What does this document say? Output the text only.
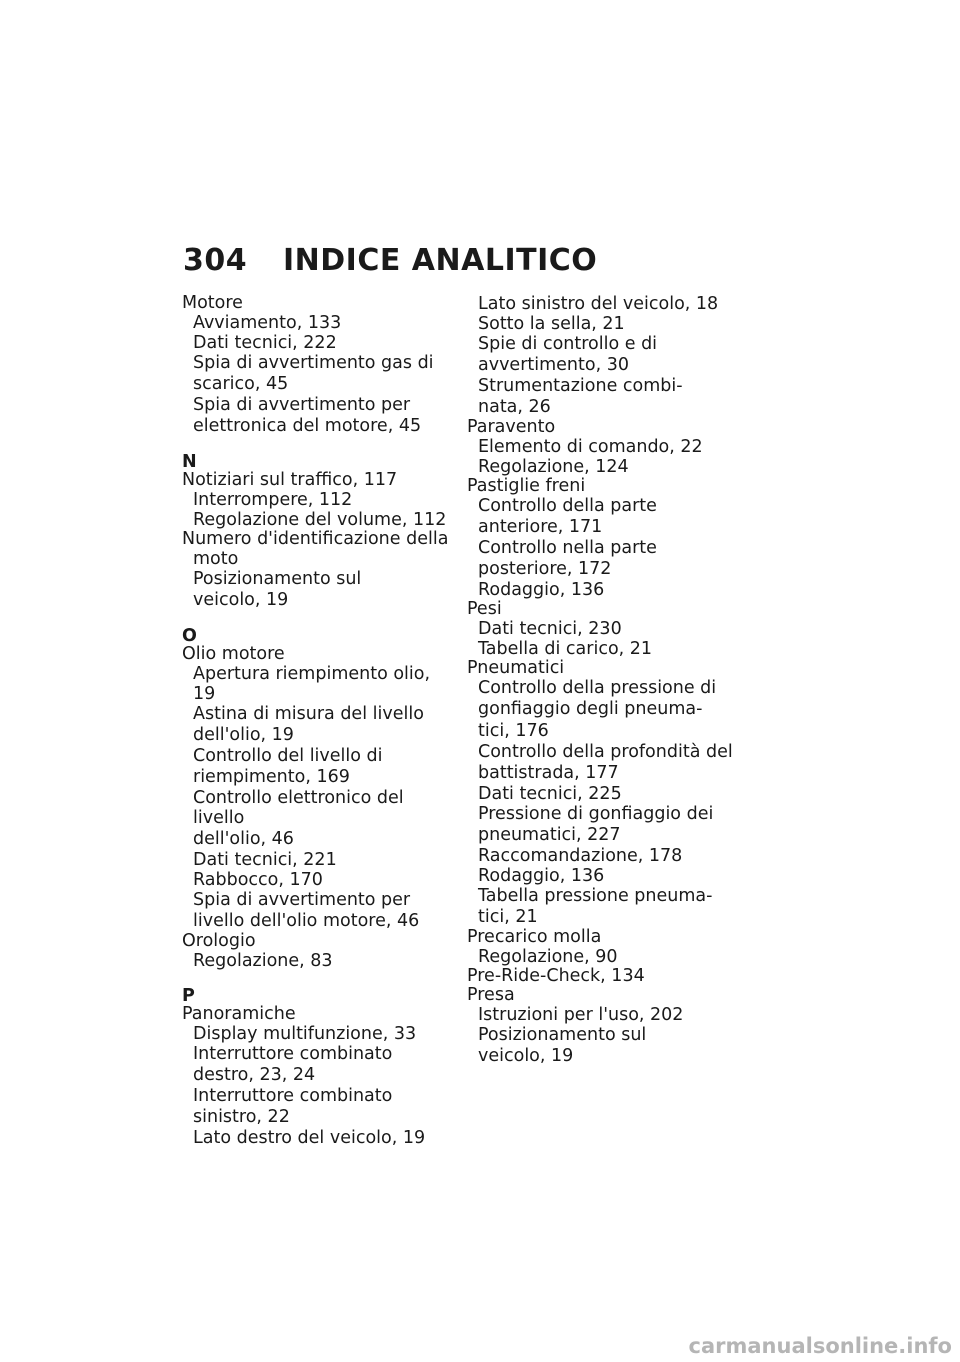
304 INDICE ANALITICO
Motore
Avviamento, 133
Dati tecnici, 222
Spia di avvertimento gas di
scarico, 45
Spia di avvertimento per
elettronica del motore, 45
N
Notiziari sul traffico, 117
Interrompere, 112
Regolazione del volume, 112
Numero d'identificazione della
moto
Posizionamento sul
veicolo, 19
O
Olio motore
Apertura riempimento olio, 19
Astina di misura del livello
dell'olio, 19
Controllo del livello di
riempimento, 169
Controllo elettronico del livello
dell'olio, 46
Dati tecnici, 221
Rabbocco, 170
Spia di avvertimento per
livello dell'olio motore, 46
Orologio
Regolazione, 83
P
Panoramiche
Display multifunzione, 33
Interruttore combinato
destro, 23, 24
Interruttore combinato
sinistro, 22
Lato destro del veicolo, 19
Lato sinistro del veicolo, 18
Sotto la sella, 21
Spie di controllo e di
avvertimento, 30
Strumentazione combi-
nata, 26
Paravento
Elemento di comando, 22
Regolazione, 124
Pastiglie freni
Controllo della parte
anteriore, 171
Controllo nella parte
posteriore, 172
Rodaggio, 136
Pesi
Dati tecnici, 230
Tabella di carico, 21
Pneumatici
Controllo della pressione di
gonfiaggio degli pneuma-
tici, 176
Controllo della profondità del
battistrada, 177
Dati tecnici, 225
Pressione di gonfiaggio dei
pneumatici, 227
Raccomandazione, 178
Rodaggio, 136
Tabella pressione pneuma-
tici, 21
Precarico molla
Regolazione, 90
Pre-Ride-Check, 134
Presa
Istruzioni per l'uso, 202
Posizionamento sul
veicolo, 19
carmanualsonline.info
